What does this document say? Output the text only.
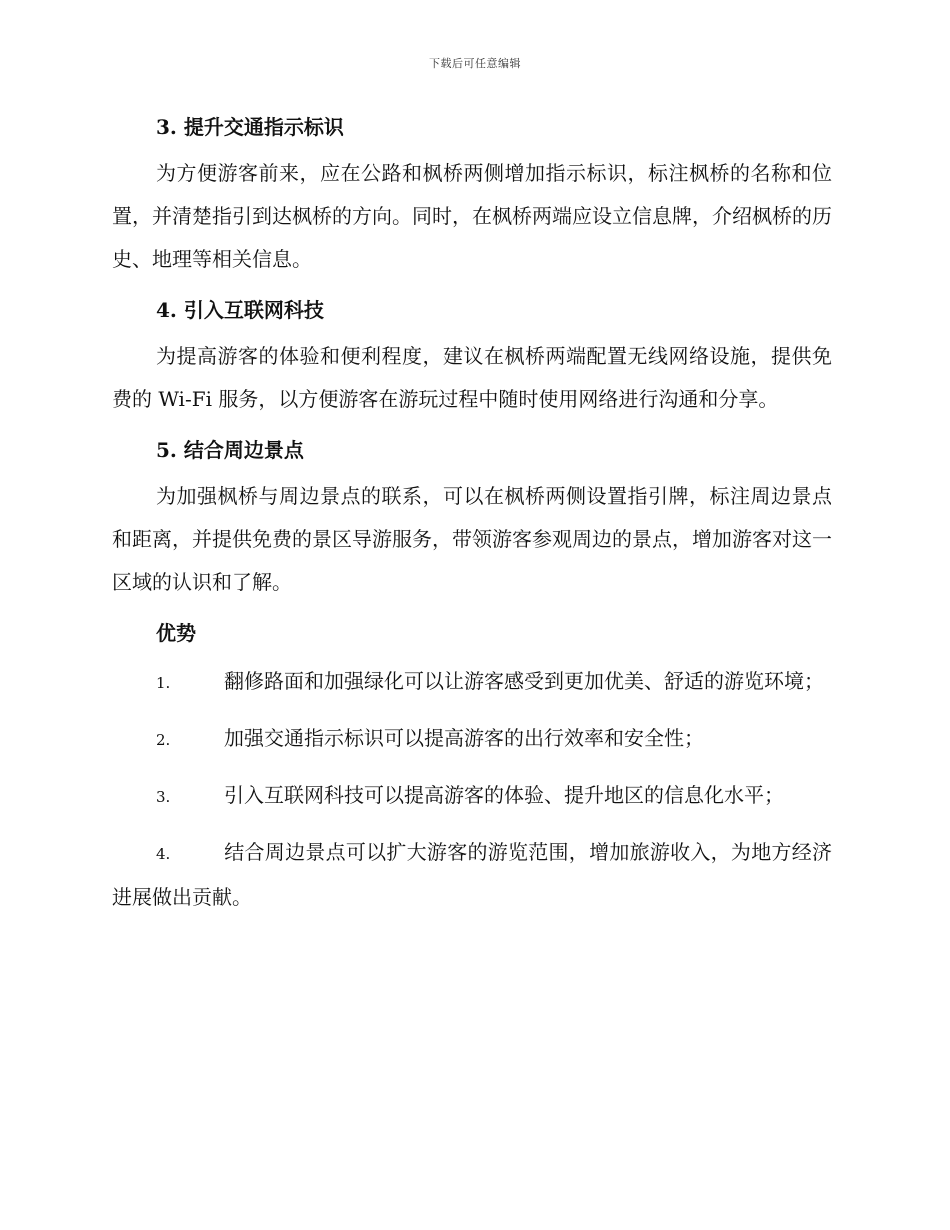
下载后可任意编辑
3. 提升交通指示标识

为方便游客前来，应在公路和枫桥两侧增加指示标识，标注枫桥的名称和位置，并清楚指引到达枫桥的方向。同时，在枫桥两端应设立信息牌，介绍枫桥的历史、地理等相关信息。

4. 引入互联网科技

为提高游客的体验和便利程度，建议在枫桥两端配置无线网络设施，提供免费的 Wi-Fi 服务，以方便游客在游玩过程中随时使用网络进行沟通和分享。

5. 结合周边景点

为加强枫桥与周边景点的联系，可以在枫桥两侧设置指引牌，标注周边景点和距离，并提供免费的景区导游服务，带领游客参观周边的景点，增加游客对这一区域的认识和了解。

优势

1.	翻修路面和加强绿化可以让游客感受到更加优美、舒适的游览环境；

2.	加强交通指示标识可以提高游客的出行效率和安全性；

3.	引入互联网科技可以提高游客的体验、提升地区的信息化水平；

4.	结合周边景点可以扩大游客的游览范围，增加旅游收入，为地方经济进展做出贡献。
